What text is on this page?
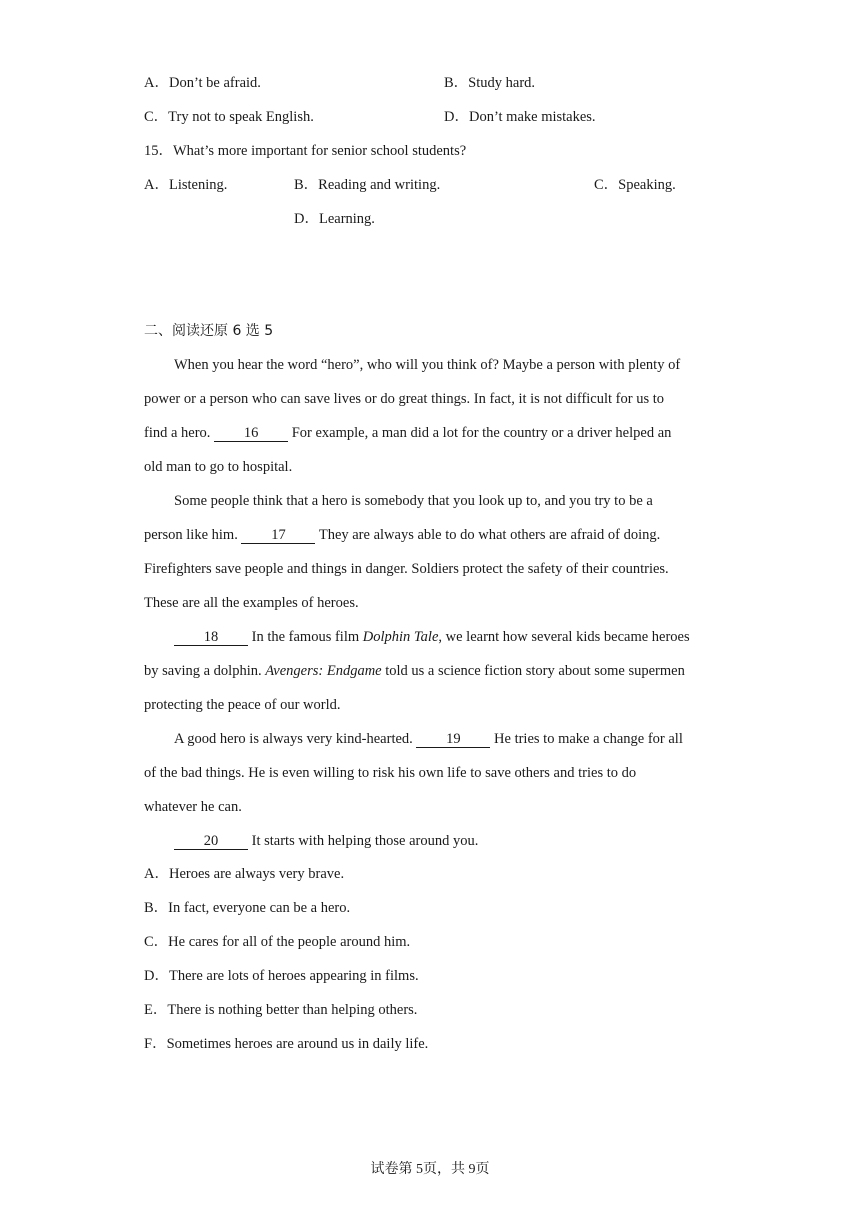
A．Don’t be afraid.	B．Study hard.
C．Try not to speak English.	D．Don’t make mistakes.
15．What’s more important for senior school students?
A．Listening.	B．Reading and writing.	C．Speaking.
D．Learning.
二、阅读还原 6 选 5
When you hear the word “hero”, who will you think of? Maybe a person with plenty of
power or a person who can save lives or do great things. In fact, it is not difficult for us to
find a hero. 16 For example, a man did a lot for the country or a driver helped an
old man to go to hospital.
Some people think that a hero is somebody that you look up to, and you try to be a
person like him. 17 They are always able to do what others are afraid of doing.
Firefighters save people and things in danger. Soldiers protect the safety of their countries.
These are all the examples of heroes.
18 In the famous film Dolphin Tale, we learnt how several kids became heroes
by saving a dolphin. Avengers: Endgame told us a science fiction story about some supermen
protecting the peace of our world.
A good hero is always very kind-hearted. 19 He tries to make a change for all
of the bad things. He is even willing to risk his own life to save others and tries to do
whatever he can.
20 It starts with helping those around you.
A．Heroes are always very brave.
B．In fact, everyone can be a hero.
C．He cares for all of the people around him.
D．There are lots of heroes appearing in films.
E．There is nothing better than helping others.
F．Sometimes heroes are around us in daily life.
试卷第 5页，共 9页
